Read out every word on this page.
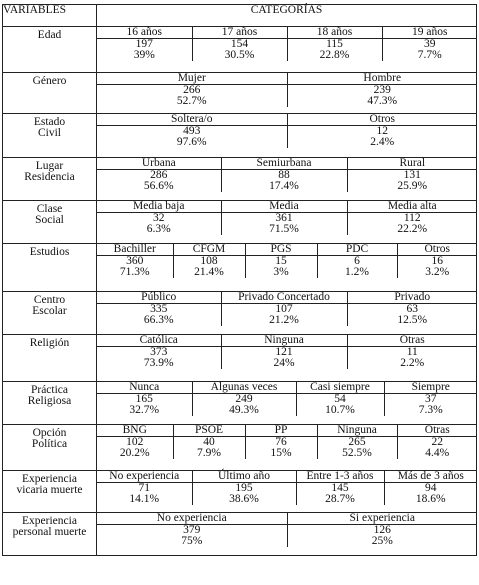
VARIABLES	CATEGORÍAS

Edad
		16 años	17 años	18 años	19 años
197	154	115	39
39%	30.5%	22.8%	7.7%

Género
		Mujer	Hombre
266	239
52.7%	47.3%

Estado
Civil

Soltera/o	Otros
493	12
97.6%	2.4%

Lugar
Residencia

Urbana	Semiurbana	Rural
286	88	131
56.6%	17.4%	25.9%

Clase
Social

Media baja	Media	Media alta
32	361	112
6.3%	71.5%	22.2%

Estudios
		Bachiller	CFGM	PGS	PDC	Otros
360	108	15	6	16
71.3%	21.4%	3%	1.2%	3.2%

Centro
Escolar

Público	Privado Concertado	Privado
335	107	63
66.3%	21.2%	12.5%

Religión
		Católica	Ninguna	Otras
373	121	11
73.9%	24%	2.2%

Práctica
Religiosa

Nunca	Algunas veces	Casi siempre	Siempre
165	249	54	37
32.7%	49.3%	10.7%	7.3%

Opción
Política

BNG	PSOE	PP	Ninguna	Otras
102	40	76	265	22
20.2%	7.9%	15%	52.5%	4.4%

Experiencia
vicaria muerte

No experiencia	Último año	Entre 1-3 años	Más de 3 años
71	195	145	94
14.1%	38.6%	28.7%	18.6%

Experiencia
personal muerte

No experiencia	Si experiencia
379	126
75%	25%
